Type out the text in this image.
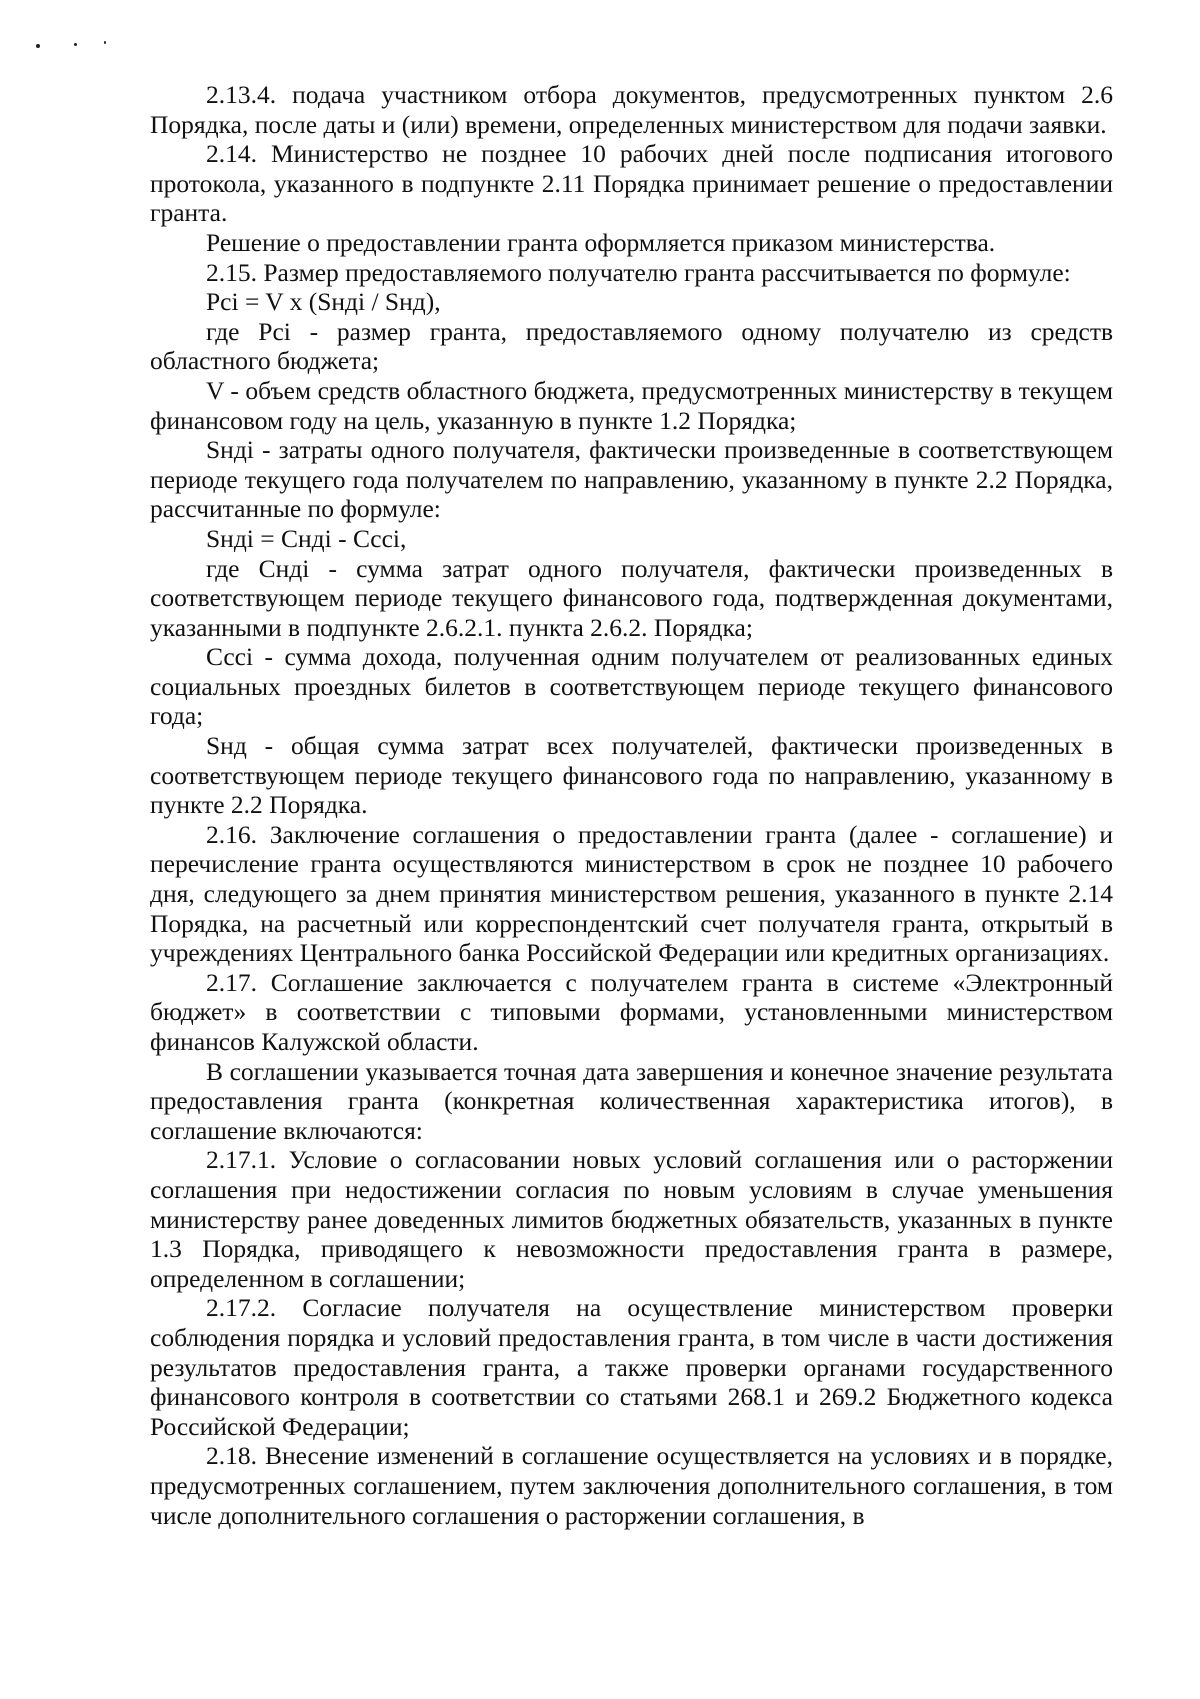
2.13.4. подача участником отбора документов, предусмотренных пунктом 2.6 Порядка, после даты и (или) времени, определенных министерством для подачи заявки.

2.14. Министерство не позднее 10 рабочих дней после подписания итогового протокола, указанного в подпункте 2.11 Порядка принимает решение о предоставлении гранта.

Решение о предоставлении гранта оформляется приказом министерства.

2.15. Размер предоставляемого получателю гранта рассчитывается по формуле:

Pci = V x (Sнді / Sнд),

где Pci - размер гранта, предоставляемого одному получателю из средств областного бюджета;

V - объем средств областного бюджета, предусмотренных министерству в текущем финансовом году на цель, указанную в пункте 1.2 Порядка;

Sнді - затраты одного получателя, фактически произведенные в соответствующем периоде текущего года получателем по направлению, указанному в пункте 2.2 Порядка, рассчитанные по формуле:

Sнді = Снді - Сссі,

где Снді - сумма затрат одного получателя, фактически произведенных в соответствующем периоде текущего финансового года, подтвержденная документами, указанными в подпункте 2.6.2.1. пункта 2.6.2. Порядка;

Сссі - сумма дохода, полученная одним получателем от реализованных единых социальных проездных билетов в соответствующем периоде текущего финансового года;

Sнд - общая сумма затрат всех получателей, фактически произведенных в соответствующем периоде текущего финансового года по направлению, указанному в пункте 2.2 Порядка.

2.16. Заключение соглашения о предоставлении гранта (далее - соглашение) и перечисление гранта осуществляются министерством в срок не позднее 10 рабочего дня, следующего за днем принятия министерством решения, указанного в пункте 2.14 Порядка, на расчетный или корреспондентский счет получателя гранта, открытый в учреждениях Центрального банка Российской Федерации или кредитных организациях.

2.17. Соглашение заключается с получателем гранта в системе «Электронный бюджет» в соответствии с типовыми формами, установленными министерством финансов Калужской области.

В соглашении указывается точная дата завершения и конечное значение результата предоставления гранта (конкретная количественная характеристика итогов), в соглашение включаются:

2.17.1. Условие о согласовании новых условий соглашения или о расторжении соглашения при недостижении согласия по новым условиям в случае уменьшения министерству ранее доведенных лимитов бюджетных обязательств, указанных в пункте 1.3 Порядка, приводящего к невозможности предоставления гранта в размере, определенном в соглашении;

2.17.2. Согласие получателя на осуществление министерством проверки соблюдения порядка и условий предоставления гранта, в том числе в части достижения результатов предоставления гранта, а также проверки органами государственного финансового контроля в соответствии со статьями 268.1 и 269.2 Бюджетного кодекса Российской Федерации;

2.18. Внесение изменений в соглашение осуществляется на условиях и в порядке, предусмотренных соглашением, путем заключения дополнительного соглашения, в том числе дополнительного соглашения о расторжении соглашения, в
